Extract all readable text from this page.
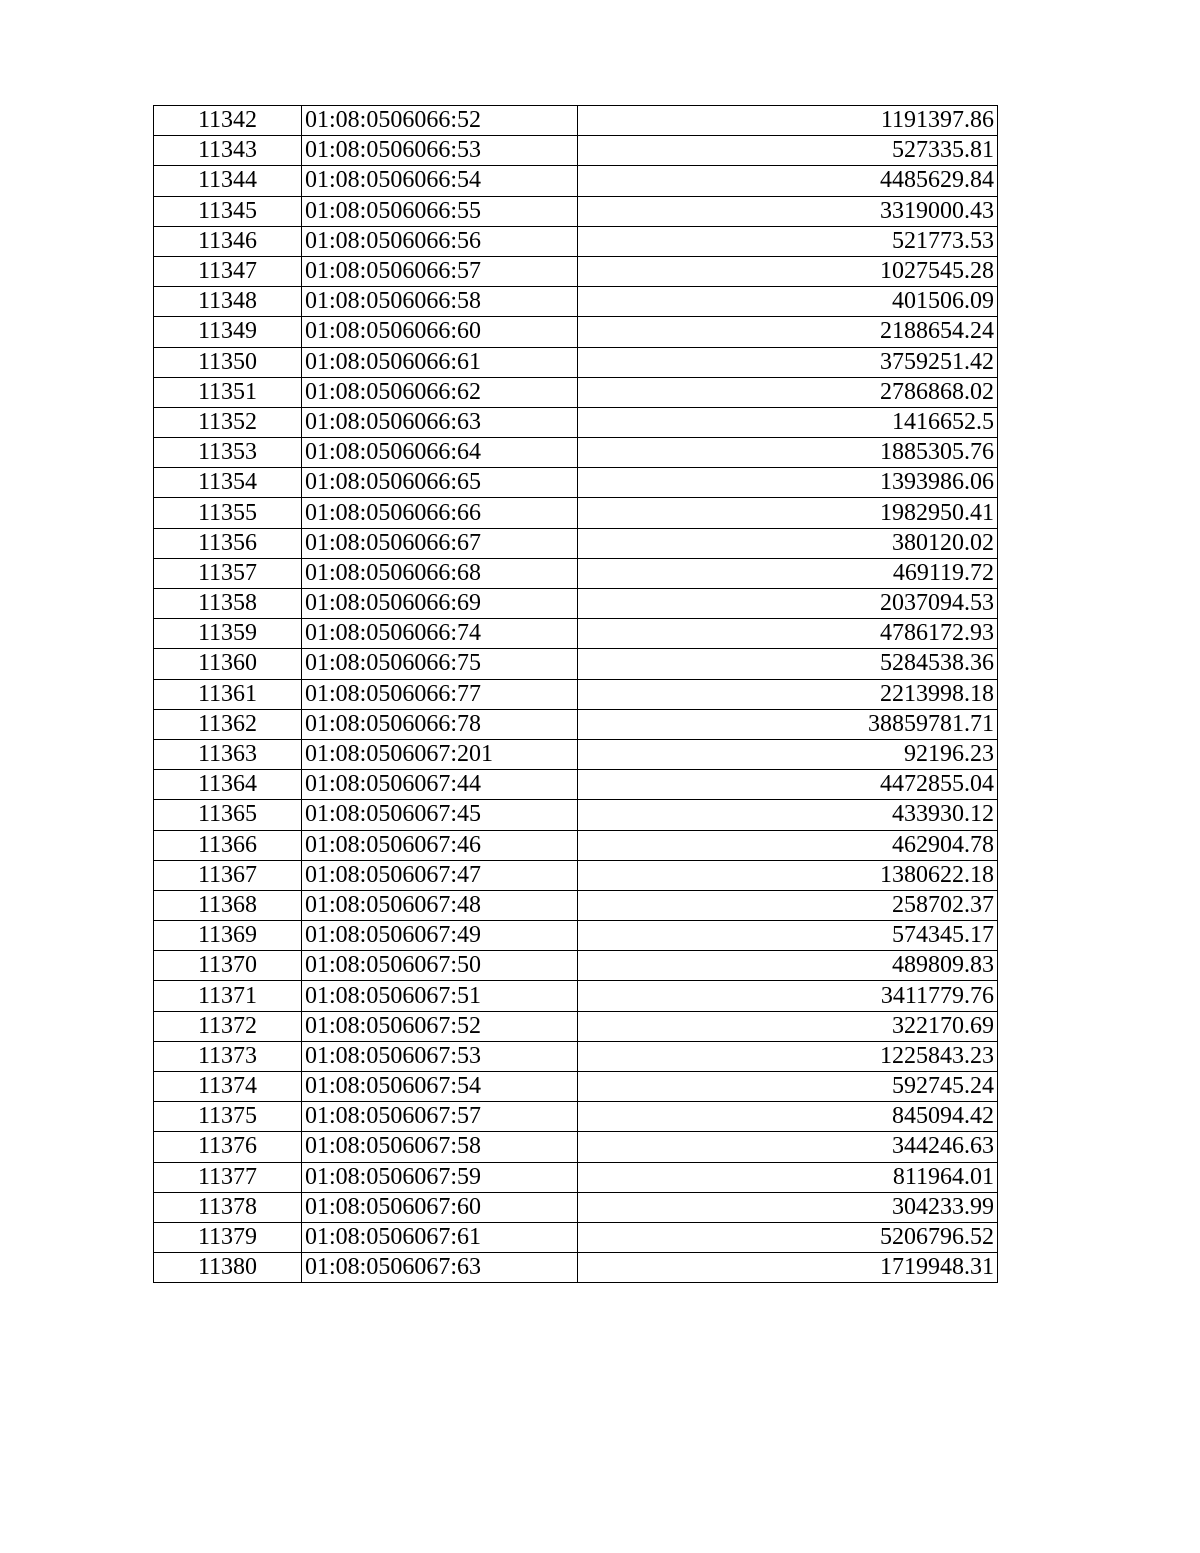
11342	01:08:0506066:52	1191397.86
11343	01:08:0506066:53	527335.81
11344	01:08:0506066:54	4485629.84
11345	01:08:0506066:55	3319000.43
11346	01:08:0506066:56	521773.53
11347	01:08:0506066:57	1027545.28
11348	01:08:0506066:58	401506.09
11349	01:08:0506066:60	2188654.24
11350	01:08:0506066:61	3759251.42
11351	01:08:0506066:62	2786868.02
11352	01:08:0506066:63	1416652.5
11353	01:08:0506066:64	1885305.76
11354	01:08:0506066:65	1393986.06
11355	01:08:0506066:66	1982950.41
11356	01:08:0506066:67	380120.02
11357	01:08:0506066:68	469119.72
11358	01:08:0506066:69	2037094.53
11359	01:08:0506066:74	4786172.93
11360	01:08:0506066:75	5284538.36
11361	01:08:0506066:77	2213998.18
11362	01:08:0506066:78	38859781.71
11363	01:08:0506067:201	92196.23
11364	01:08:0506067:44	4472855.04
11365	01:08:0506067:45	433930.12
11366	01:08:0506067:46	462904.78
11367	01:08:0506067:47	1380622.18
11368	01:08:0506067:48	258702.37
11369	01:08:0506067:49	574345.17
11370	01:08:0506067:50	489809.83
11371	01:08:0506067:51	3411779.76
11372	01:08:0506067:52	322170.69
11373	01:08:0506067:53	1225843.23
11374	01:08:0506067:54	592745.24
11375	01:08:0506067:57	845094.42
11376	01:08:0506067:58	344246.63
11377	01:08:0506067:59	811964.01
11378	01:08:0506067:60	304233.99
11379	01:08:0506067:61	5206796.52
11380	01:08:0506067:63	1719948.31
